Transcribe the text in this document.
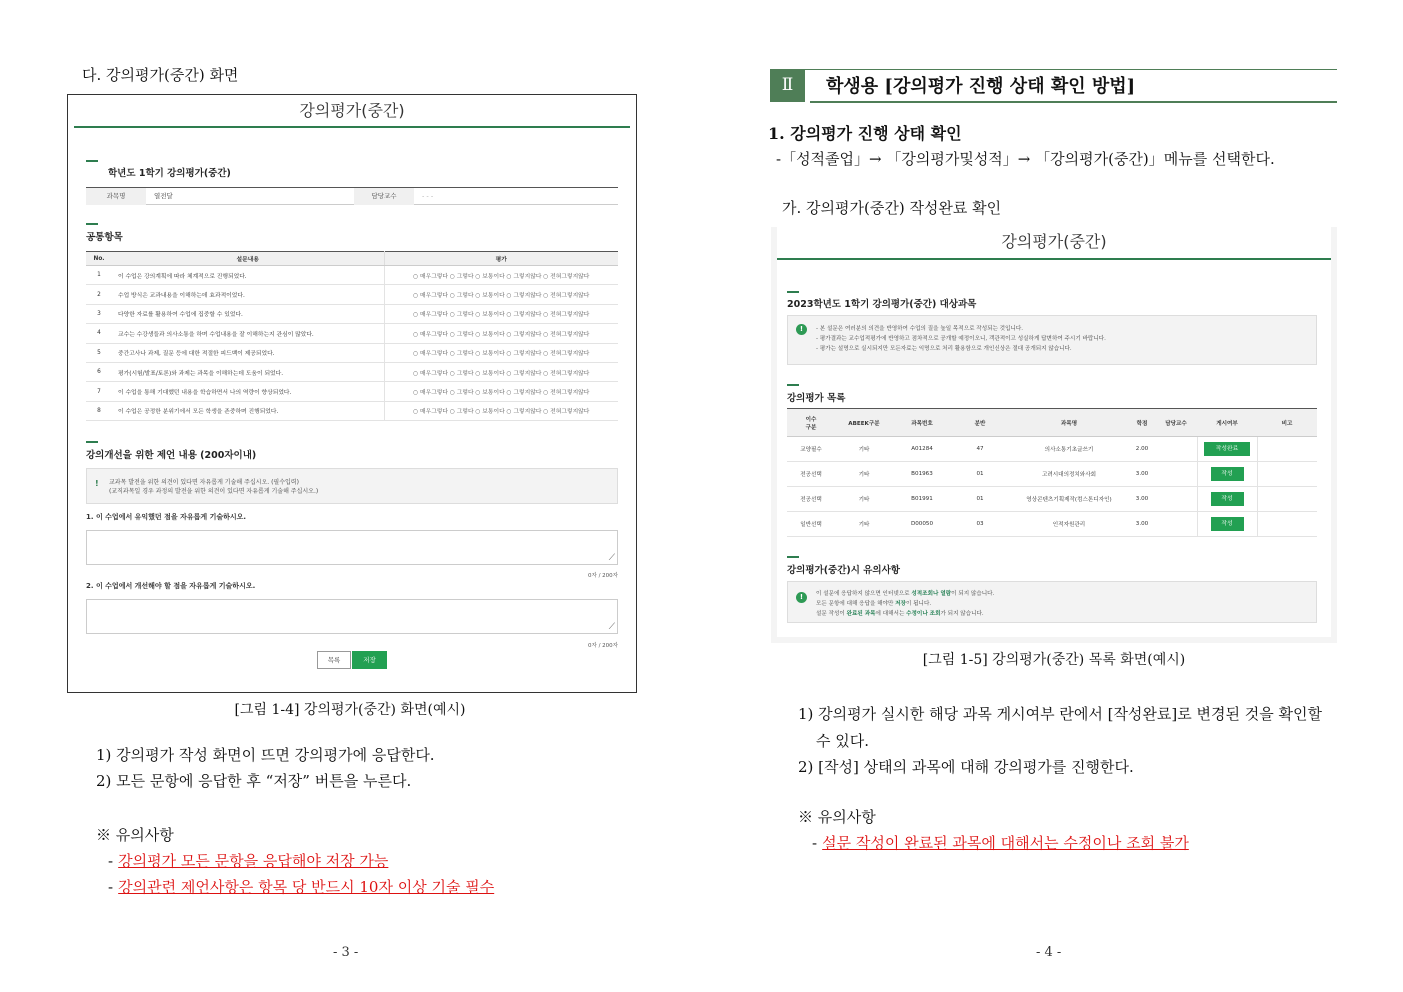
다. 강의평가(중간) 화면
강의평가(중간)
학년도 1학기 강의평가(중간)
과목명	열전달	담당교수	- - -
공통항목
No.	설문내용	평가
1	이 수업은 강의계획에 따라 체계적으로 진행되었다.	○ 매우그렇다 ○ 그렇다 ○ 보통이다 ○ 그렇지않다 ○ 전혀그렇지않다
2	수업 방식은 교과내용을 이해하는데 효과적이었다.	○ 매우그렇다 ○ 그렇다 ○ 보통이다 ○ 그렇지않다 ○ 전혀그렇지않다
3	다양한 자료를 활용하여 수업에 집중할 수 있었다.	○ 매우그렇다 ○ 그렇다 ○ 보통이다 ○ 그렇지않다 ○ 전혀그렇지않다
4	교수는 수강생들과 의사소통을 하며 수업내용을 잘 이해하는지 관심이 많았다.	○ 매우그렇다 ○ 그렇다 ○ 보통이다 ○ 그렇지않다 ○ 전혀그렇지않다
5	중간고사나 과제, 질문 등에 대한 적절한 피드백이 제공되었다.	○ 매우그렇다 ○ 그렇다 ○ 보통이다 ○ 그렇지않다 ○ 전혀그렇지않다
6	평가(시험/발표/토론)와 과제는 과목을 이해하는데 도움이 되었다.	○ 매우그렇다 ○ 그렇다 ○ 보통이다 ○ 그렇지않다 ○ 전혀그렇지않다
7	이 수업을 통해 기대했던 내용을 학습하면서 나의 역량이 향상되었다.	○ 매우그렇다 ○ 그렇다 ○ 보통이다 ○ 그렇지않다 ○ 전혀그렇지않다
8	이 수업은 공정한 분위기에서 모든 학생을 존중하며 진행되었다.	○ 매우그렇다 ○ 그렇다 ○ 보통이다 ○ 그렇지않다 ○ 전혀그렇지않다
강의개선을 위한 제언 내용 (200자이내)
! 교과목 발전을 위한 의견이 있다면 자유롭게 기술해 주십시오. (필수입력)
(교직과목일 경우 과정의 발전을 위한 의견이 있다면 자유롭게 기술해 주십시오.)
1. 이 수업에서 유익했던 점을 자유롭게 기술하시오.
⟋
0자 / 200자
2. 이 수업에서 개선해야 할 점을 자유롭게 기술하시오.
⟋
0자 / 200자
목록	저장
[그림 1-4] 강의평가(중간) 화면(예시)
1) 강의평가 작성 화면이 뜨면 강의평가에 응답한다.
2) 모든 문항에 응답한 후 “저장” 버튼을 누른다.
※ 유의사항
- 강의평가 모든 문항을 응답해야 저장 가능
- 강의관련 제언사항은 항목 당 반드시 10자 이상 기술 필수
- 3 -
Ⅱ	학생용 [강의평가 진행 상태 확인 방법]
1. 강의평가 진행 상태 확인
-「성적졸업」→ 「강의평가및성적」→ 「강의평가(중간)」메뉴를 선택한다.
가. 강의평가(중간) 작성완료 확인
강의평가(중간)
2023학년도 1학기 강의평가(중간) 대상과목
!	- 본 설문은 여러분의 의견을 반영하여 수업의 질을 높일 목적으로 작성되는 것입니다.
- 평가결과는 교수업적평가에 반영하고 점차적으로 공개할 예정이오니, 객관적이고 성실하게 답변하여 주시기 바랍니다.
- 평가는 설명으로 실시되지만 모든자료는 익명으로 처리 활용함으로 개인신상은 절대 공개되지 않습니다.
강의평가 목록
이수
구분	ABEEK구분	과목번호	분반	과목명	학점	담당교수	게시여부	비고
교양필수	기타	A01284	47	의사소통기초글쓰기	2.00		작성완료	
전공선택	기타	B01963	01	고려시대의정치와사회	3.00		작성	
전공선택	기타	B01991	01	영상콘텐츠기획제작(컴스톤디자인)	3.00		작성	
일반선택	기타	D00050	03	인적자원관리	3.00		작성	
강의평가(중간)시 유의사항
!	이 설문에 응답하지 않으면 인터넷으로 성적조회나 열람이 되지 않습니다.
모든 문항에 대해 응답을 해야만 저장이 됩니다.
설문 작성이 완료된 과목에 대해서는 수정이나 조회가 되지 않습니다.
[그림 1-5] 강의평가(중간) 목록 화면(예시)
1) 강의평가 실시한 해당 과목 게시여부 란에서 [작성완료]로 변경된 것을 확인할
수 있다.
2) [작성] 상태의 과목에 대해 강의평가를 진행한다.
※ 유의사항
- 설문 작성이 완료된 과목에 대해서는 수정이나 조회 불가
- 4 -
